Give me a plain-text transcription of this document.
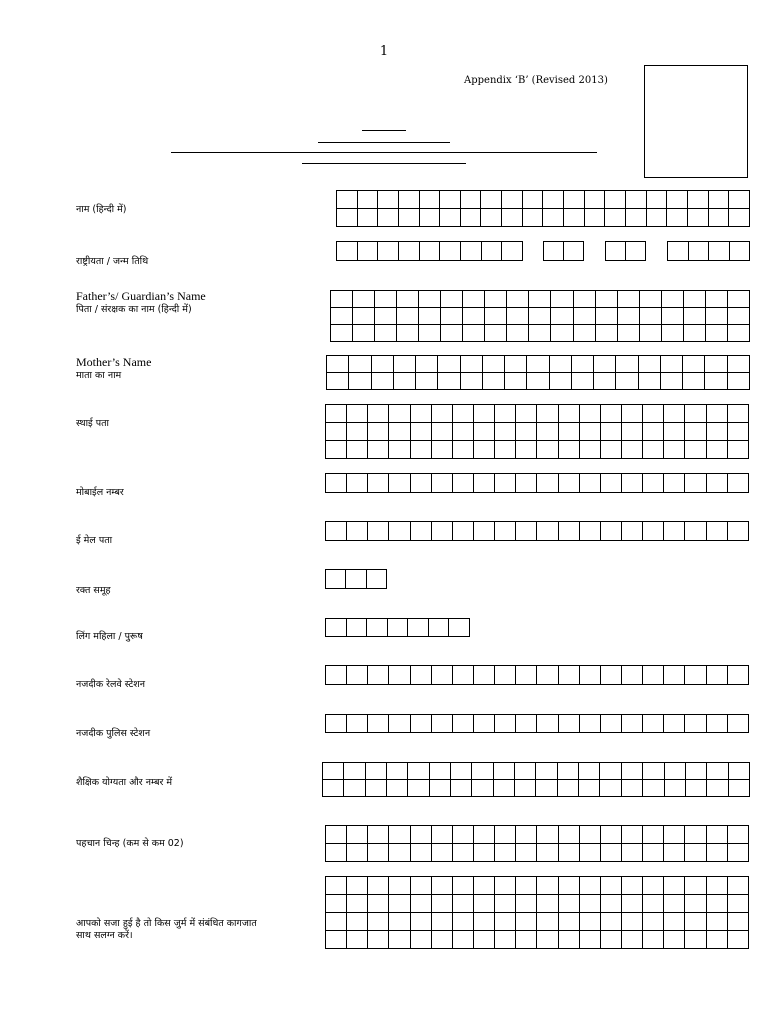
1
Appendix ‘B’ (Revised 2013)
नाम (हिन्दी में)
राष्ट्रीयता / जन्म तिथि
Father’s/ Guardian’s Name
पिता / संरक्षक का नाम (हिन्दी में)
Mother’s Name
माता का नाम
स्थाई पता
मोबाईल नम्बर
ई मेल पता
रक्त समूह
लिंग महिला / पुरूष
नजदीक रेलवे स्टेशन
नजदीक पुलिस स्टेशन
शैक्षिक योग्यता और नम्बर में
पहचान चिन्ह (कम से कम 02)
आपको सजा हुई है तो किस जुर्म में संबंधित कागजात साथ सलग्न करें।
